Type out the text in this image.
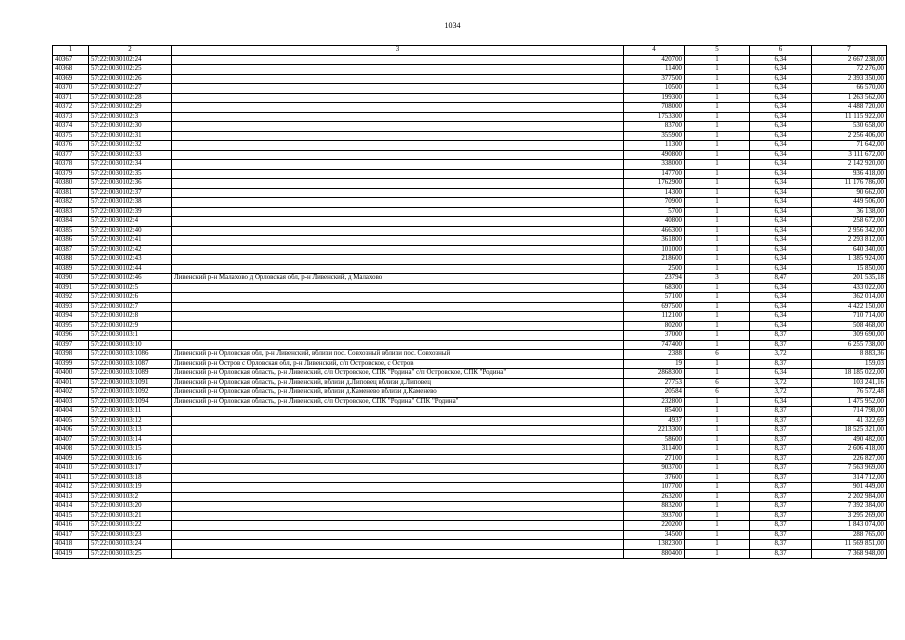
1034
1	2	3	4	5	6	7
40367	57:22:0030102:24		420700	1	6,34	2 667 238,00
40368	57:22:0030102:25		11400	1	6,34	72 276,00
40369	57:22:0030102:26		377500	1	6,34	2 393 350,00
40370	57:22:0030102:27		10500	1	6,34	66 570,00
40371	57:22:0030102:28		199300	1	6,34	1 263 562,00
40372	57:22:0030102:29		708000	1	6,34	4 488 720,00
40373	57:22:0030102:3		1753300	1	6,34	11 115 922,00
40374	57:22:0030102:30		83700	1	6,34	530 658,00
40375	57:22:0030102:31		355900	1	6,34	2 256 406,00
40376	57:22:0030102:32		11300	1	6,34	71 642,00
40377	57:22:0030102:33		490800	1	6,34	3 111 672,00
40378	57:22:0030102:34		338000	1	6,34	2 142 920,00
40379	57:22:0030102:35		147700	1	6,34	936 418,00
40380	57:22:0030102:36		1762900	1	6,34	11 176 786,00
40381	57:22:0030102:37		14300	1	6,34	90 662,00
40382	57:22:0030102:38		70900	1	6,34	449 506,00
40383	57:22:0030102:39		5700	1	6,34	36 138,00
40384	57:22:0030102:4		40800	1	6,34	258 672,00
40385	57:22:0030102:40		466300	1	6,34	2 956 342,00
40386	57:22:0030102:41		361800	1	6,34	2 293 812,00
40387	57:22:0030102:42		101000	1	6,34	640 340,00
40388	57:22:0030102:43		218600	1	6,34	1 385 924,00
40389	57:22:0030102:44		2500	1	6,34	15 850,00
40390	57:22:0030102:46	Ливенский р-н Малахово д Орловская обл, р-н Ливенский, д Малахово	23794	3	8,47	201 535,18
40391	57:22:0030102:5		68300	1	6,34	433 022,00
40392	57:22:0030102:6		57100	1	6,34	362 014,00
40393	57:22:0030102:7		697500	1	6,34	4 422 150,00
40394	57:22:0030102:8		112100	1	6,34	710 714,00
40395	57:22:0030102:9		80200	1	6,34	508 468,00
40396	57:22:0030103:1		37000	1	8,37	309 690,00
40397	57:22:0030103:10		747400	1	8,37	6 255 738,00
40398	57:22:0030103:1086	Ливенский р-н Орловская обл, р-н Ливенский, вблизи пос. Совхозный вблизи пос. Совхозный	2388	6	3,72	8 883,36
40399	57:22:0030103:1087	Ливенский р-н Остров с Орловская обл, р-н Ливенский, с/п Островское, с Остров	19	1	8,37	159,03
40400	57:22:0030103:1089	Ливенский р-н Орловская область, р-н Ливенский, с/п Островское, СПК "Родина" с/п Островское, СПК "Родина"	2868300	1	6,34	18 185 022,00
40401	57:22:0030103:1091	Ливенский р-н Орловская область, р-н Ливенский, вблизи д.Липовец вблизи д.Липовец	27753	6	3,72	103 241,16
40402	57:22:0030103:1092	Ливенский р-н Орловская область, р-н Ливенский, вблизи д.Каменево вблизи д.Каменево	20584	6	3,72	76 572,48
40403	57:22:0030103:1094	Ливенский р-н Орловская область, р-н Ливенский, с/п Островское, СПК "Родина" СПК "Родина"	232800	1	6,34	1 475 952,00
40404	57:22:0030103:11		85400	1	8,37	714 798,00
40405	57:22:0030103:12		4937	1	8,37	41 322,69
40406	57:22:0030103:13		2213300	1	8,37	18 525 321,00
40407	57:22:0030103:14		58600	1	8,37	490 482,00
40408	57:22:0030103:15		311400	1	8,37	2 606 418,00
40409	57:22:0030103:16		27100	1	8,37	226 827,00
40410	57:22:0030103:17		903700	1	8,37	7 563 969,00
40411	57:22:0030103:18		37600	1	8,37	314 712,00
40412	57:22:0030103:19		107700	1	8,37	901 449,00
40413	57:22:0030103:2		263200	1	8,37	2 202 984,00
40414	57:22:0030103:20		883200	1	8,37	7 392 384,00
40415	57:22:0030103:21		393700	1	8,37	3 295 269,00
40416	57:22:0030103:22		220200	1	8,37	1 843 074,00
40417	57:22:0030103:23		34500	1	8,37	288 765,00
40418	57:22:0030103:24		1382300	1	8,37	11 569 851,00
40419	57:22:0030103:25		880400	1	8,37	7 368 948,00
